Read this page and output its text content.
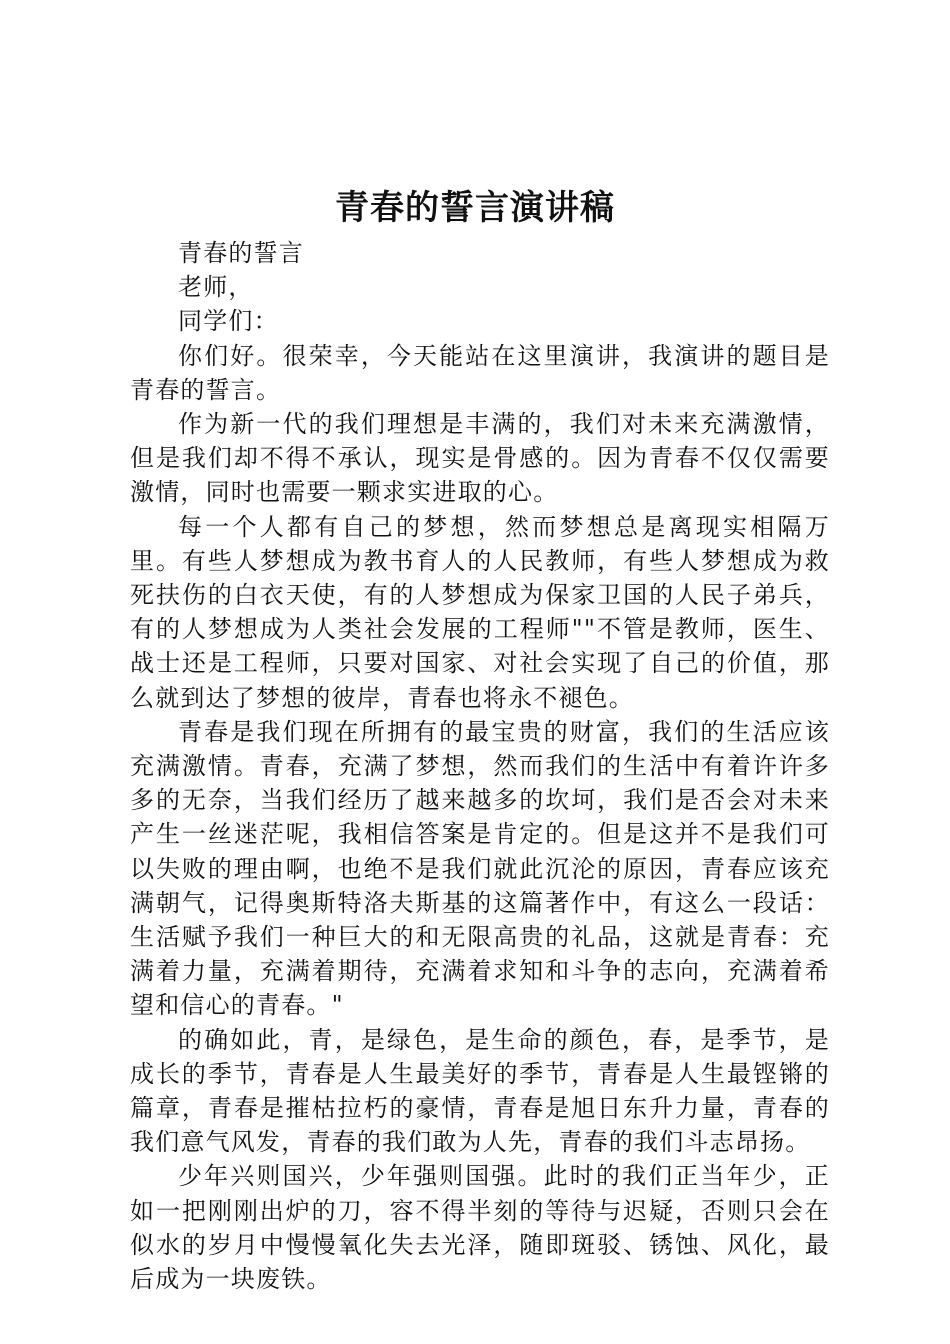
青春的誓言演讲稿

青春的誓言

老师，

同学们：

你们好。很荣幸，今天能站在这里演讲，我演讲的题目是青春的誓言。

作为新一代的我们理想是丰满的，我们对未来充满激情，但是我们却不得不承认，现实是骨感的。因为青春不仅仅需要激情，同时也需要一颗求实进取的心。

每一个人都有自己的梦想，然而梦想总是离现实相隔万里。有些人梦想成为教书育人的人民教师，有些人梦想成为救死扶伤的白衣天使，有的人梦想成为保家卫国的人民子弟兵，有的人梦想成为人类社会发展的工程师""不管是教师，医生、战士还是工程师，只要对国家、对社会实现了自己的价值，那么就到达了梦想的彼岸，青春也将永不褪色。

青春是我们现在所拥有的最宝贵的财富，我们的生活应该充满激情。青春，充满了梦想，然而我们的生活中有着许许多多的无奈，当我们经历了越来越多的坎坷，我们是否会对未来产生一丝迷茫呢，我相信答案是肯定的。但是这并不是我们可以失败的理由啊，也绝不是我们就此沉沦的原因，青春应该充满朝气，记得奥斯特洛夫斯基的这篇著作中，有这么一段话：生活赋予我们一种巨大的和无限高贵的礼品，这就是青春：充满着力量，充满着期待，充满着求知和斗争的志向，充满着希望和信心的青春。"

的确如此，青，是绿色，是生命的颜色，春，是季节，是成长的季节，青春是人生最美好的季节，青春是人生最铿锵的篇章，青春是摧枯拉朽的豪情，青春是旭日东升力量，青春的我们意气风发，青春的我们敢为人先，青春的我们斗志昂扬。

少年兴则国兴，少年强则国强。此时的我们正当年少，正如一把刚刚出炉的刀，容不得半刻的等待与迟疑，否则只会在似水的岁月中慢慢氧化失去光泽，随即斑驳、锈蚀、风化，最后成为一块废铁。
